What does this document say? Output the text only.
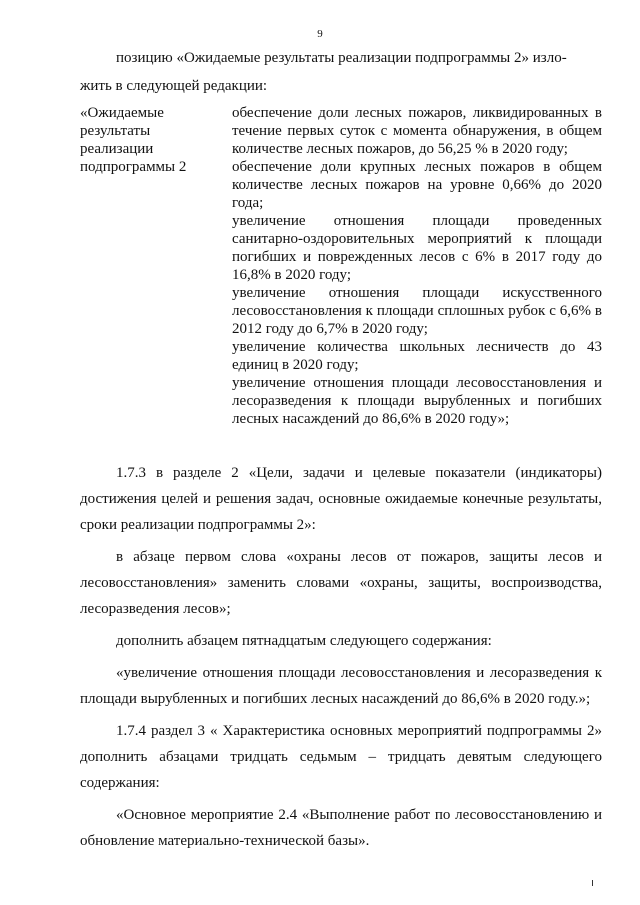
9

позицию «Ожидаемые результаты реализации подпрограммы 2» изло-

жить в следующей редакции:

«Ожидаемые
результаты
реализации
подпрограммы 2

обеспечение доли лесных пожаров, ликвидированных в течение первых суток с момента обнаружения, в общем количестве лесных пожаров, до 56,25 % в 2020 году;

обеспечение доли крупных лесных пожаров в общем количестве лесных пожаров на уровне 0,66% до 2020 года;

увеличение отношения площади проведенных санитарно-оздоровительных мероприятий к площади погибших и поврежденных лесов с 6% в 2017 году до 16,8% в 2020 году;

увеличение отношения площади искусственного лесовосстановления к площади сплошных рубок с 6,6% в 2012 году до 6,7% в 2020 году;

увеличение количества школьных лесничеств до 43 единиц в 2020 году;

увеличение отношения площади лесовосстановления и лесоразведения к площади вырубленных и погибших лесных насаждений до 86,6% в 2020 году»;

1.7.3 в разделе 2 «Цели, задачи и целевые показатели (индикаторы) достижения целей и решения задач, основные ожидаемые конечные результаты, сроки реализации подпрограммы 2»:

в абзаце первом слова «охраны лесов от пожаров, защиты лесов и лесовосстановления» заменить словами «охраны, защиты, воспроизводства, лесоразведения лесов»;

дополнить абзацем пятнадцатым следующего содержания:

«увеличение отношения площади лесовосстановления и лесоразведения к площади вырубленных и погибших лесных насаждений до 86,6% в 2020 году.»;

1.7.4 раздел 3 « Характеристика основных мероприятий подпрограммы 2» дополнить абзацами тридцать седьмым – тридцать девятым следующего содержания:

«Основное мероприятие 2.4 «Выполнение работ по лесовосстановлению и обновление материально-технической базы».
